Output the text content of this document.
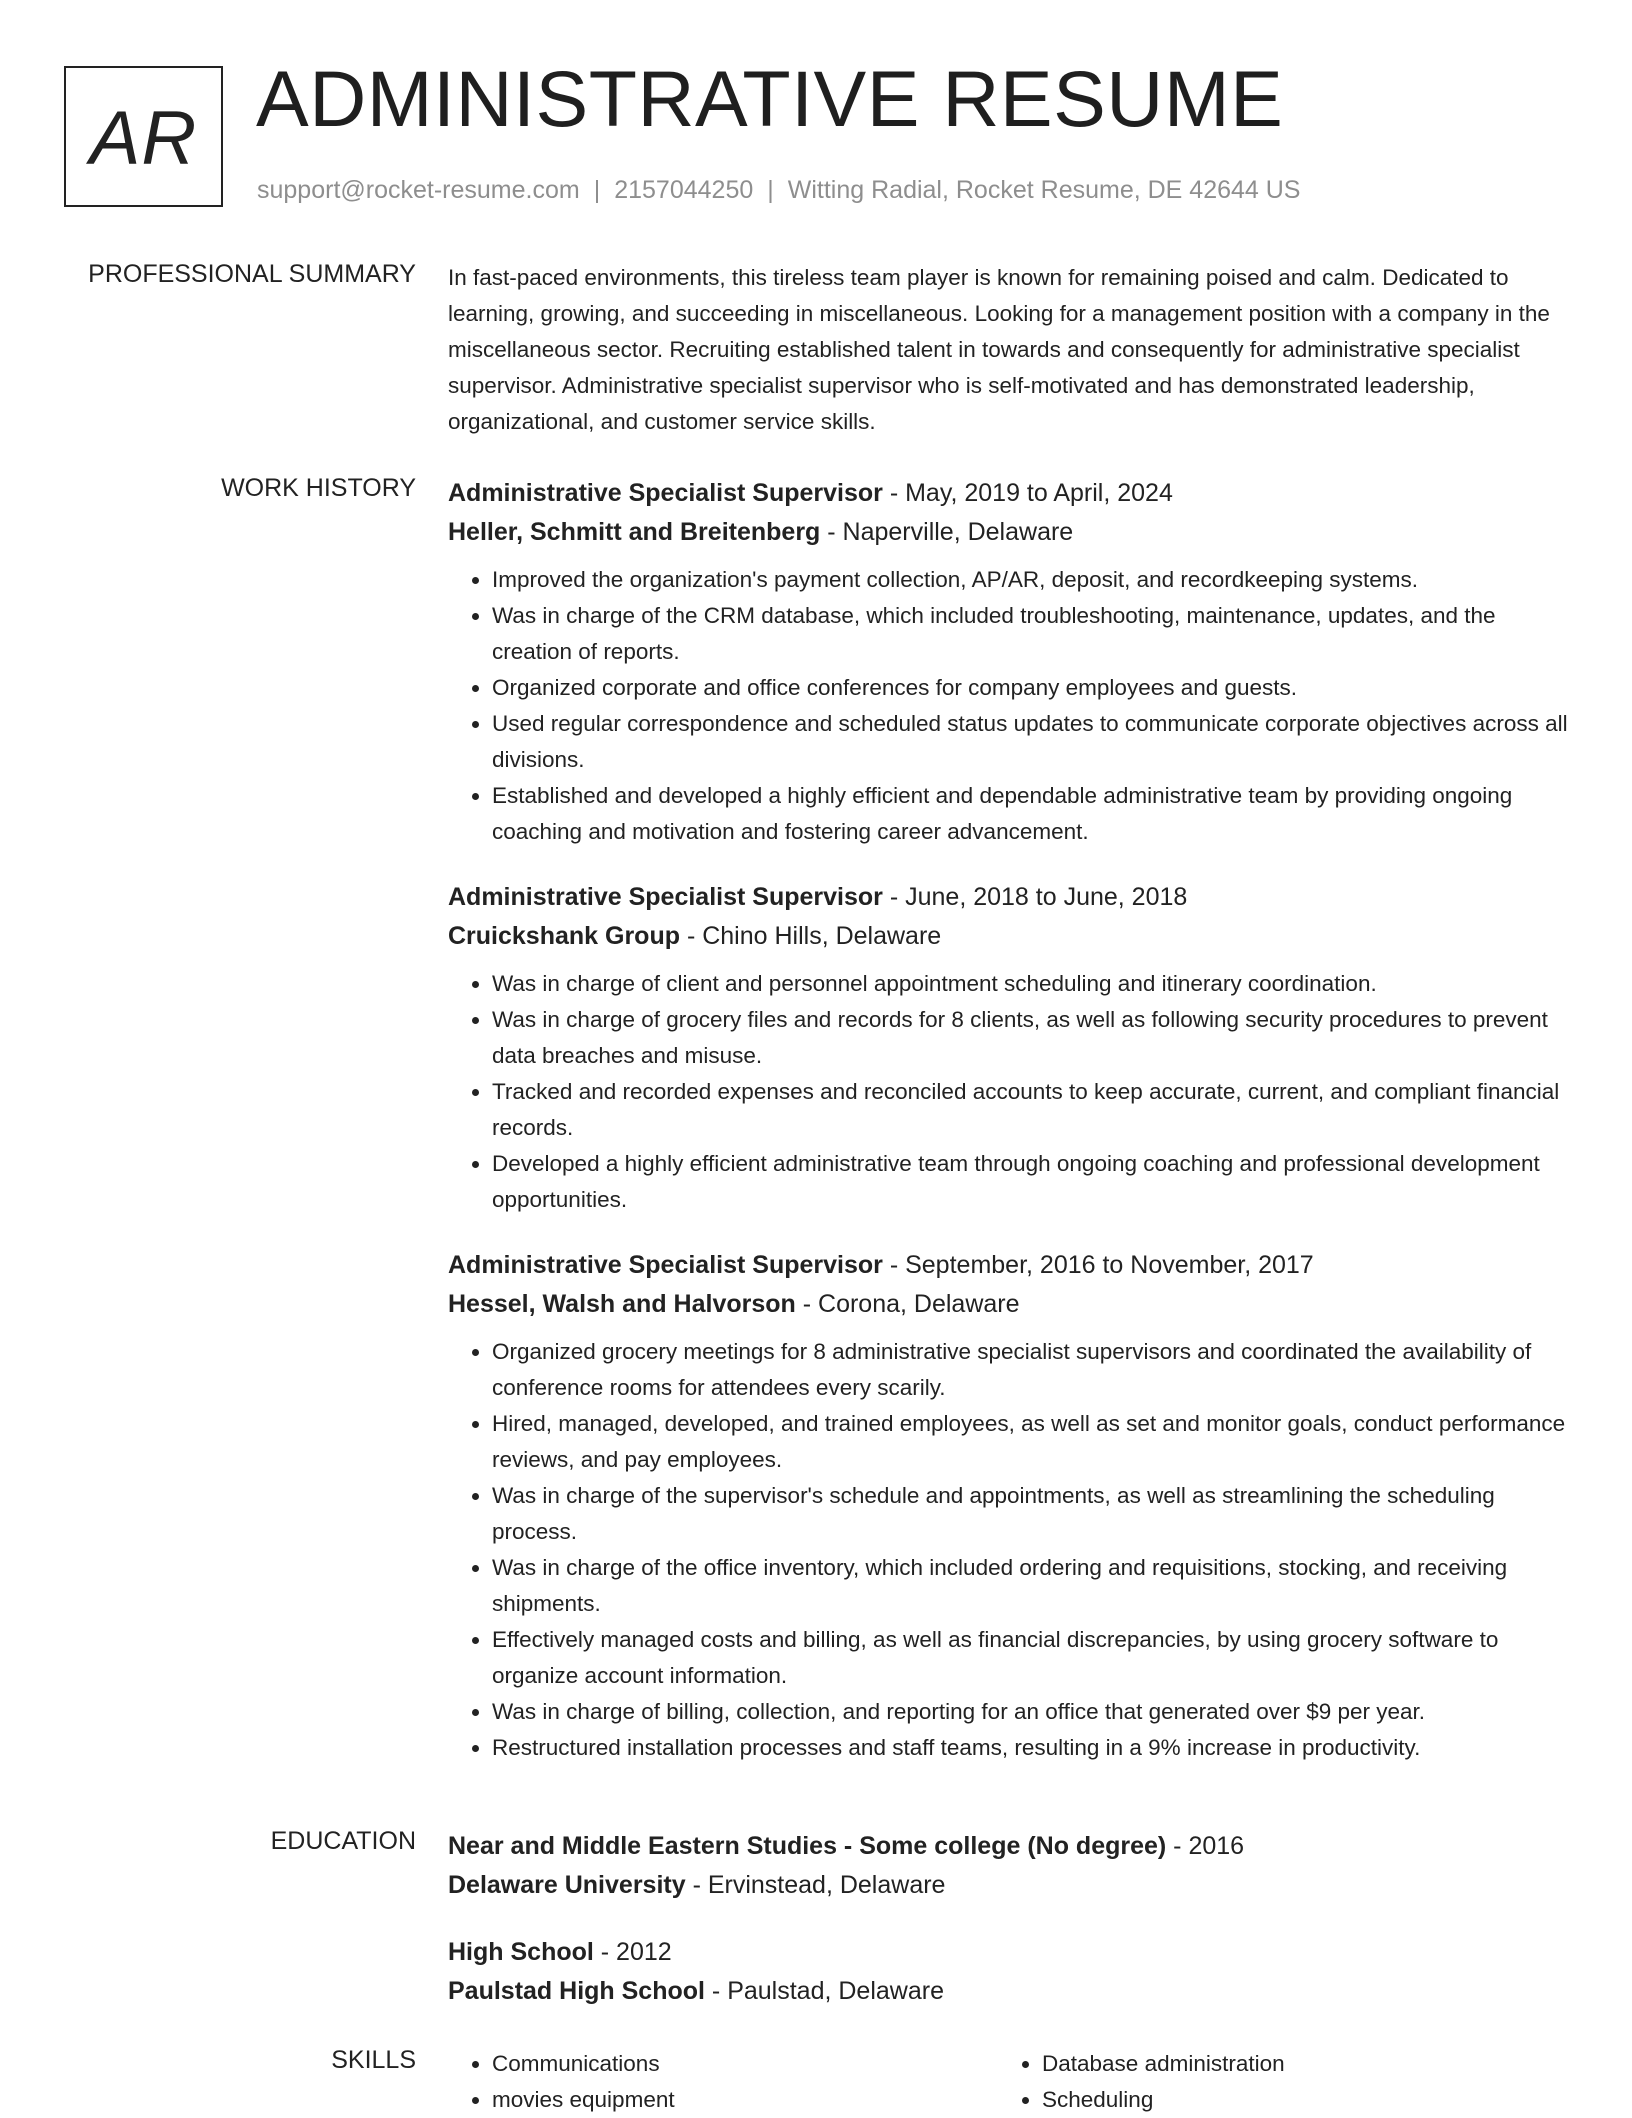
AR ADMINISTRATIVE RESUME
support@rocket-resume.com | 2157044250 | Witting Radial, Rocket Resume, DE 42644 US
PROFESSIONAL SUMMARY In fast-paced environments, this tireless team player is known for remaining poised and calm. Dedicated to learning, growing, and succeeding in miscellaneous. Looking for a management position with a company in the miscellaneous sector. Recruiting established talent in towards and consequently for administrative specialist supervisor. Administrative specialist supervisor who is self-motivated and has demonstrated leadership, organizational, and customer service skills.
WORK HISTORY Administrative Specialist Supervisor - May, 2019 to April, 2024
Heller, Schmitt and Breitenberg - Naperville, Delaware
• Improved the organization's payment collection, AP/AR, deposit, and recordkeeping systems.
• Was in charge of the CRM database, which included troubleshooting, maintenance, updates, and the creation of reports.
• Organized corporate and office conferences for company employees and guests.
• Used regular correspondence and scheduled status updates to communicate corporate objectives across all divisions.
• Established and developed a highly efficient and dependable administrative team by providing ongoing coaching and motivation and fostering career advancement.
Administrative Specialist Supervisor - June, 2018 to June, 2018
Cruickshank Group - Chino Hills, Delaware
• Was in charge of client and personnel appointment scheduling and itinerary coordination.
• Was in charge of grocery files and records for 8 clients, as well as following security procedures to prevent data breaches and misuse.
• Tracked and recorded expenses and reconciled accounts to keep accurate, current, and compliant financial records.
• Developed a highly efficient administrative team through ongoing coaching and professional development opportunities.
Administrative Specialist Supervisor - September, 2016 to November, 2017
Hessel, Walsh and Halvorson - Corona, Delaware
• Organized grocery meetings for 8 administrative specialist supervisors and coordinated the availability of conference rooms for attendees every scarily.
• Hired, managed, developed, and trained employees, as well as set and monitor goals, conduct performance reviews, and pay employees.
• Was in charge of the supervisor's schedule and appointments, as well as streamlining the scheduling process.
• Was in charge of the office inventory, which included ordering and requisitions, stocking, and receiving shipments.
• Effectively managed costs and billing, as well as financial discrepancies, by using grocery software to organize account information.
• Was in charge of billing, collection, and reporting for an office that generated over $9 per year.
• Restructured installation processes and staff teams, resulting in a 9% increase in productivity.
EDUCATION Near and Middle Eastern Studies - Some college (No degree) - 2016
Delaware University - Ervinstead, Delaware
High School - 2012
Paulstad High School - Paulstad, Delaware
SKILLS
•	Communications
• movies equipment
• Database administration
• Scheduling
